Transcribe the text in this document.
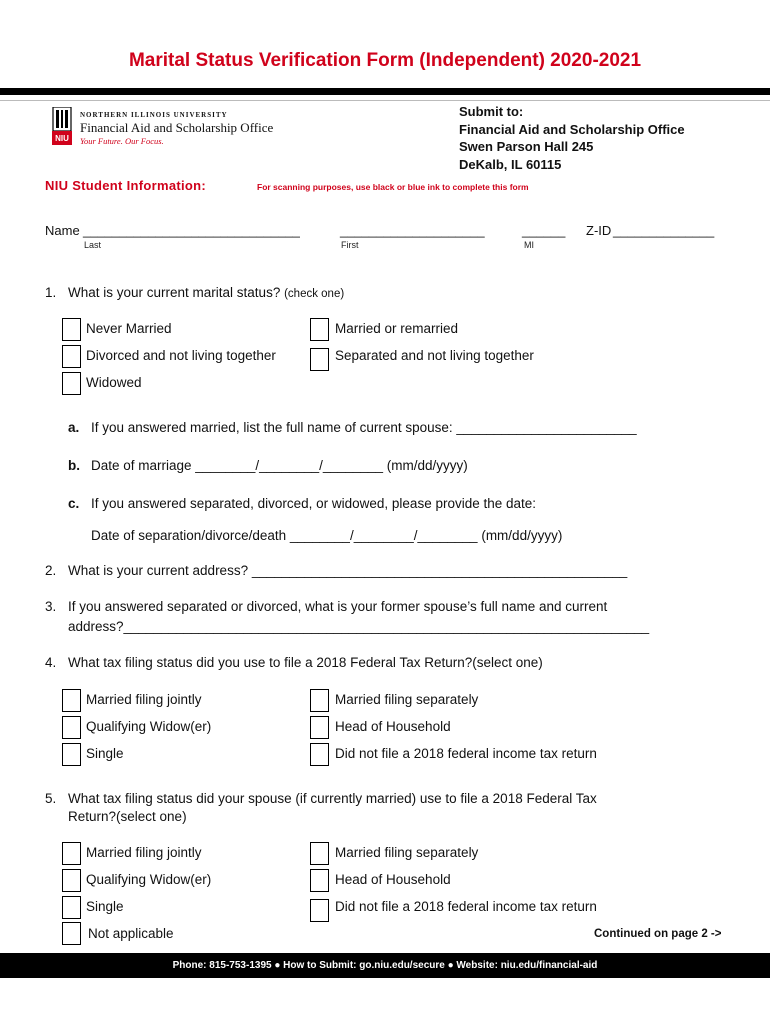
Marital Status Verification Form (Independent) 2020-2021
NIU
NORTHERN ILLINOIS UNIVERSITY
Financial Aid and Scholarship Office
Your Future. Our Focus.
Submit to:
Financial Aid and Scholarship Office
Swen Parson Hall 245
DeKalb, IL 60115
NIU Student Information:	For scanning purposes, use black or blue ink to complete this form
Name ______________________________	____________________	______ Z-ID ______________
Last	First	MI
1. What is your current marital status? (check one)
Never Married	Married or remarried
Divorced and not living together	Separated and not living together
Widowed
a. If you answered married, list the full name of current spouse: ________________________
b. Date of marriage ________/________/________ (mm/dd/yyyy)
c. If you answered separated, divorced, or widowed, please provide the date:
Date of separation/divorce/death ________/________/________ (mm/dd/yyyy)
2. What is your current address? __________________________________________________
3. If you answered separated or divorced, what is your former spouse’s full name and current
address?______________________________________________________________________
4. What tax filing status did you use to file a 2018 Federal Tax Return?(select one)
Married filing jointly	Married filing separately
Qualifying Widow(er)	Head of Household
Single	Did not file a 2018 federal income tax return
5. What tax filing status did your spouse (if currently married) use to file a 2018 Federal Tax
Return?(select one)
Married filing jointly	Married filing separately
Qualifying Widow(er)	Head of Household
Single	Did not file a 2018 federal income tax return
Not applicable	Continued on page 2 ->
Phone: 815-753-1395 ● How to Submit: go.niu.edu/secure ● Website: niu.edu/financial-aid
